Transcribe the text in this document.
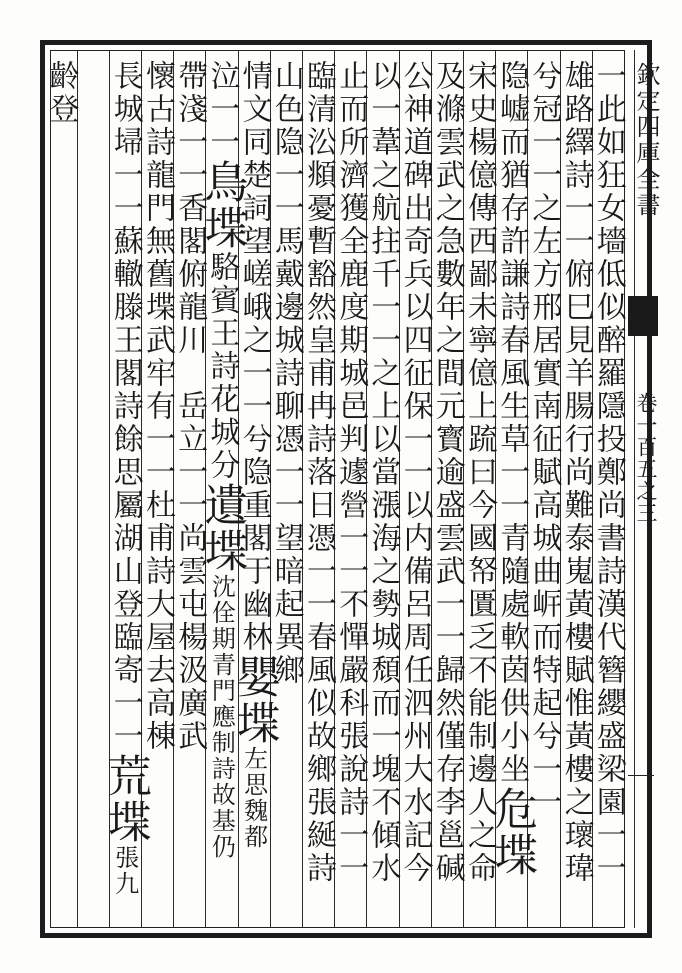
欽定四庫全書
卷一百五之三
一此如狂女墻低似醉羅隱投鄭尚書詩漢代簪纓盛梁園一一
雄路繹詩一一俯巳見羊腸行尚難泰嵬黃樓賦惟黃樓之瓌瑋
兮冠一一之左方邢居實南征賦高城曲㟁而特起兮一一
隐㠊而猶存許謙詩春風生草一一青隨處軟茵供小坐危堞
宋史楊億傳西鄙未寧億上䟽曰今國帑匱乏不能制邊人之命
及滌雲武之急數年之間元寳逾盛雲武一一歸然僅存李邕碱
公神道碑出奇兵以四征保一一以内備呂周任泗州大水記今
以一葦之航拄千一一之上以當漲海之勢城頹而一塊不傾水
止而所濟獲全鹿度期城邑判遽營一一不憚嚴科張說詩一一
臨清㳂頫憂暫豁然皇甫冉詩落日憑一一春風似故鄉張綖詩
山色隐一一馬戴邊城詩聊憑一一望暗起異鄉
情文同楚詞望嵯峨之一一兮隐重閣于幽林嬰堞左思魏都
泣一一鳥堞駱賓王詩花城分遺堞沈佺期青門應制詩故基仍
帶淺一一香閣俯龍川　岳立一一尚雲屯楊汲廣武
懷古詩龍門無舊堞武牢有一一杜甫詩大屋去高棟
長城埽一一蘇轍滕王閣詩餘思屬湖山登臨寄一一荒堞張九

齡登
